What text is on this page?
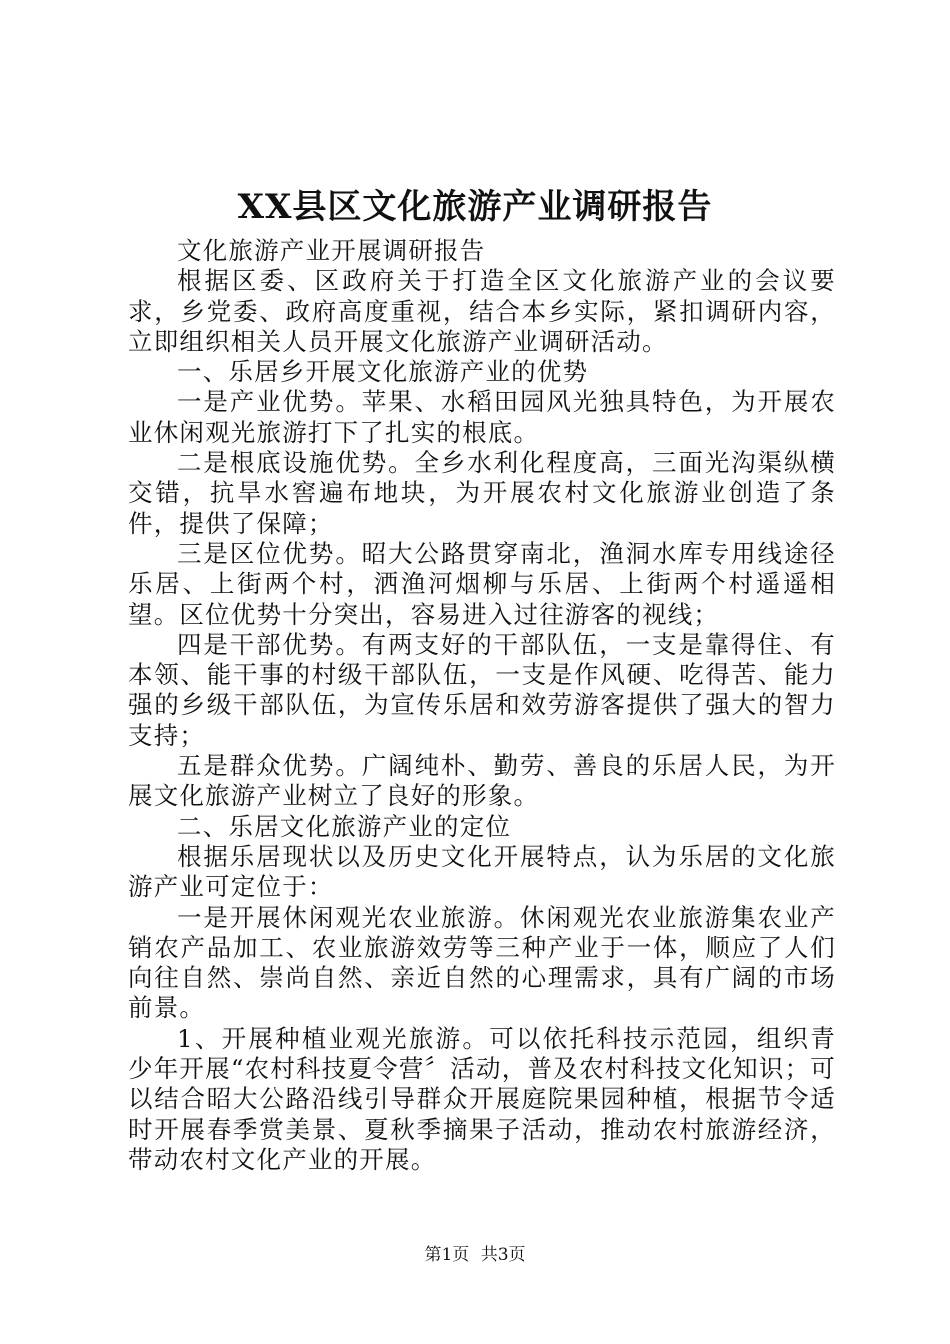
XX县区文化旅游产业调研报告

文化旅游产业开展调研报告

根据区委、区政府关于打造全区文化旅游产业的会议要求，乡党委、政府高度重视，结合本乡实际，紧扣调研内容，立即组织相关人员开展文化旅游产业调研活动。

一、乐居乡开展文化旅游产业的优势

一是产业优势。苹果、水稻田园风光独具特色，为开展农业休闲观光旅游打下了扎实的根底。

二是根底设施优势。全乡水利化程度高，三面光沟渠纵横交错，抗旱水窖遍布地块，为开展农村文化旅游业创造了条件，提供了保障；

三是区位优势。昭大公路贯穿南北，渔洞水库专用线途径乐居、上街两个村，洒渔河烟柳与乐居、上街两个村遥遥相望。区位优势十分突出，容易进入过往游客的视线；

四是干部优势。有两支好的干部队伍，一支是靠得住、有本领、能干事的村级干部队伍，一支是作风硬、吃得苦、能力强的乡级干部队伍，为宣传乐居和效劳游客提供了强大的智力支持；

五是群众优势。广阔纯朴、勤劳、善良的乐居人民，为开展文化旅游产业树立了良好的形象。

二、乐居文化旅游产业的定位

根据乐居现状以及历史文化开展特点，认为乐居的文化旅游产业可定位于：

一是开展休闲观光农业旅游。休闲观光农业旅游集农业产销农产品加工、农业旅游效劳等三种产业于一体，顺应了人们向往自然、崇尚自然、亲近自然的心理需求，具有广阔的市场前景。

1、开展种植业观光旅游。可以依托科技示范园，组织青少年开展“农村科技夏令营〞活动，普及农村科技文化知识；可以结合昭大公路沿线引导群众开展庭院果园种植，根据节令适时开展春季赏美景、夏秋季摘果子活动，推动农村旅游经济，带动农村文化产业的开展。

第1页 共3页
